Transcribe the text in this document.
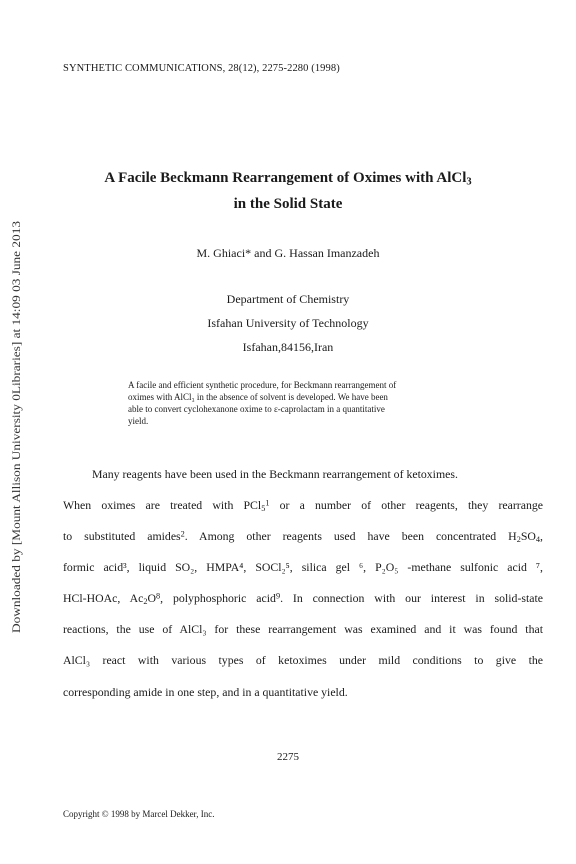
SYNTHETIC COMMUNICATIONS, 28(12), 2275-2280 (1998)
A Facile Beckmann Rearrangement of Oximes with AlCl$_3$
in the Solid State
M. Ghiaci* and G. Hassan Imanzadeh
Department of Chemistry
Isfahan University of Technology
Isfahan,84156,Iran
A facile and efficient synthetic procedure, for Beckmann rearrangement of
oximes with AlCl₃ in the absence of solvent is developed. We have been
able to convert cyclohexanone oxime to ε-caprolactam in a quantitative
yield.
Many reagents have been used in the Beckmann rearrangement of ketoximes.
When oximes are treated with PCl$_5^1$ or a number of other reagents, they rearrange
to substituted amides$^2$. Among other reagents used have been concentrated $H_2SO_4$,
formic acid³, liquid SO₂, HMPA⁴, SOCl₂⁵, silica gel ⁶, P₂O₅ -methane sulfonic acid ⁷,
HCl-HOAc, $Ac_2O^8$, polyphosphoric acid$^9$. In connection with our interest in solid-state
reactions, the use of AlCl₃ for these rearrangement was examined and it was found that
AlCl₃ react with various types of ketoximes under mild conditions to give the
corresponding amide in one step, and in a quantitative yield.
2275
Copyright © 1998 by Marcel Dekker, Inc.
Downloaded by [Mount Allison University 0Libraries] at 14:09 03 June 2013
